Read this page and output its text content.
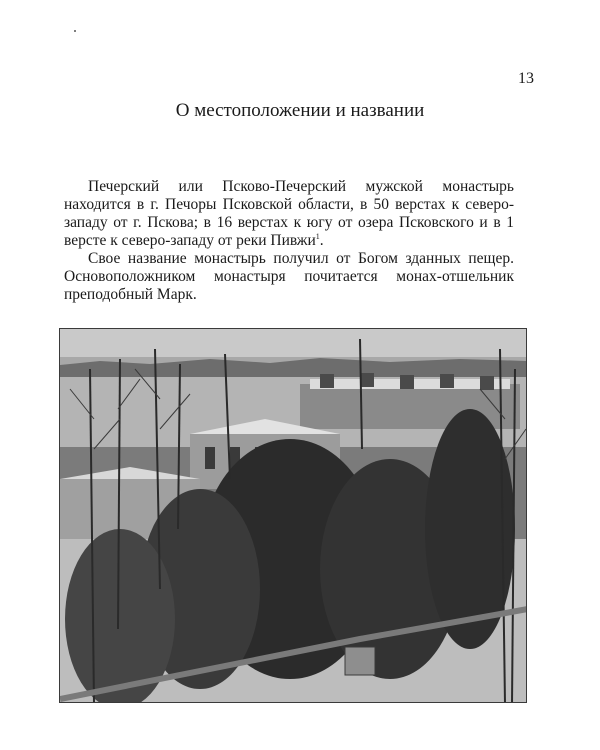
13
О местоположении и названии

Печерский или Псково-Печерский мужской монастырь находится в г. Печоры Псковской области, в 50 верстах к северо-западу от г. Пскова; в 16 верстах к югу от озера Псковского и в 1 версте к северо-западу от реки Пивжи$^1$.

Свое название монастырь получил от Богом зданных пещер. Основоположником монастыря почитается монах-отшельник преподобный Марк.
